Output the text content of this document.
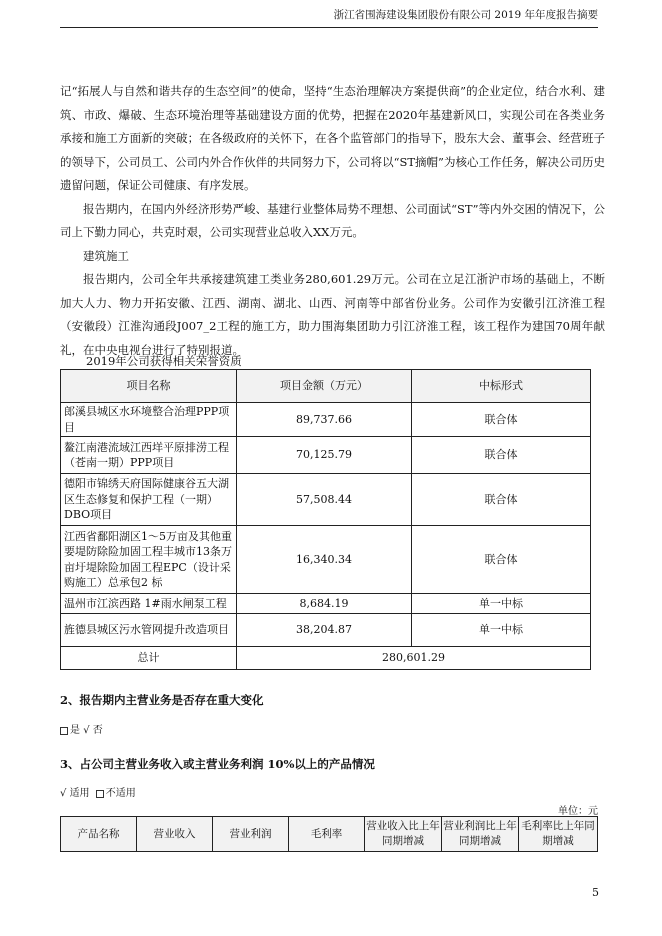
浙江省围海建设集团股份有限公司 2019 年年度报告摘要

记“拓展人与自然和谐共存的生态空间”的使命，坚持“生态治理解决方案提供商”的企业定位，结合水利、建筑、市政、爆破、生态环境治理等基础建设方面的优势，把握在2020年基建新风口，实现公司在各类业务承接和施工方面新的突破；在各级政府的关怀下，在各个监管部门的指导下，股东大会、董事会、经营班子的领导下，公司员工、公司内外合作伙伴的共同努力下，公司将以“ST摘帽”为核心工作任务，解决公司历史遗留问题，保证公司健康、有序发展。

报告期内，在国内外经济形势严峻、基建行业整体局势不理想、公司面试“ST”等内外交困的情况下，公司上下勤力同心，共克时艰，公司实现营业总收入XX万元。

建筑施工

报告期内，公司全年共承接建筑建工类业务280,601.29万元。公司在立足江浙沪市场的基础上，不断加大人力、物力开拓安徽、江西、湖南、湖北、山西、河南等中部省份业务。公司作为安徽引江济淮工程（安徽段）江淮沟通段J007_2工程的施工方，助力围海集团助力引江济淮工程，该工程作为建国70周年献礼，在中央电视台进行了特别报道。

2019年公司获得相关荣誉资质
项目名称	项目金额（万元）	中标形式
郎溪县城区水环境整合治理PPP项目	89,737.66	联合体
鳌江南港流域江西垟平原排涝工程（苍南一期）PPP项目	70,125.79	联合体
德阳市锦绣天府国际健康谷五大湖区生态修复和保护工程（一期）DBO项目	57,508.44	联合体
江西省鄱阳湖区1～5万亩及其他重要堤防除险加固工程丰城市13条万亩圩堤除险加固工程EPC（设计采购施工）总承包2 标	16,340.34	联合体
温州市江滨西路 1#雨水闸泵工程	8,684.19	单一中标
旌德县城区污水管网提升改造项目	38,204.87	单一中标
总计	280,601.29	
2、报告期内主营业务是否存在重大变化
是 √ 否
3、占公司主营业务收入或主营业务利润 10%以上的产品情况
√ 适用 不适用
单位：元
产品名称	营业收入	营业利润	毛利率	营业收入比上年同期增减	营业利润比上年同期增减	毛利率比上年同期增减
5
